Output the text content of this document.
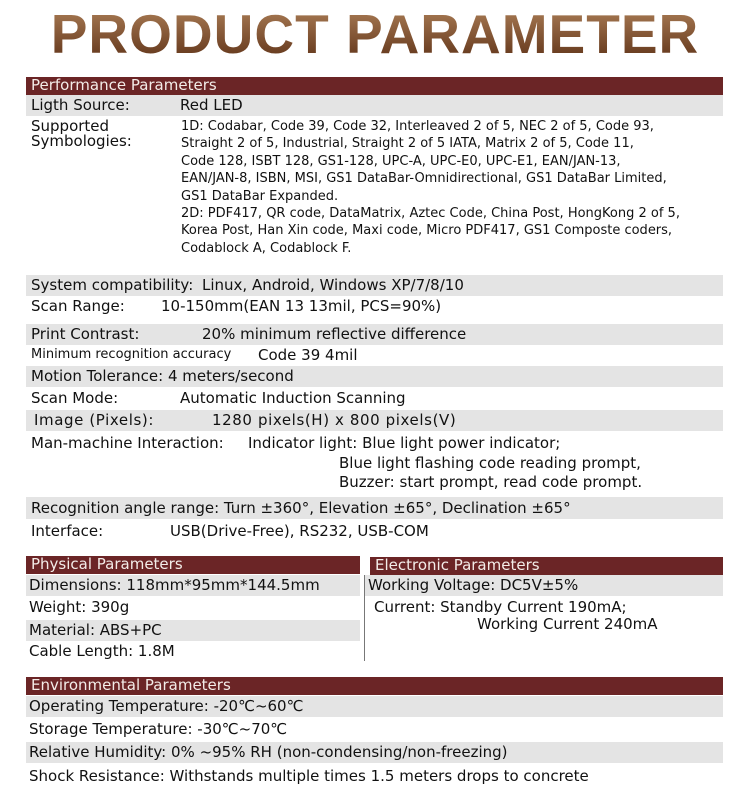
PRODUCT PARAMETER
Performance Parameters
Ligth Source:	Red LED
Supported
Symbologies:
1D: Codabar, Code 39, Code 32, Interleaved 2 of 5, NEC 2 of 5, Code 93,
Straight 2 of 5, Industrial, Straight 2 of 5 IATA, Matrix 2 of 5, Code 11,
Code 128, ISBT 128, GS1-128, UPC-A, UPC-E0, UPC-E1, EAN/JAN-13,
EAN/JAN-8, ISBN, MSI, GS1 DataBar-Omnidirectional, GS1 DataBar Limited,
GS1 DataBar Expanded.
2D: PDF417, QR code, DataMatrix, Aztec Code, China Post, HongKong 2 of 5,
Korea Post, Han Xin code, Maxi code, Micro PDF417, GS1 Composte coders,
Codablock A, Codablock F.
System compatibility: Linux, Android, Windows XP/7/8/10
Scan Range: 10-150mm(EAN 13 13mil, PCS=90%)
Print Contrast:	20% minimum reflective difference
Minimum recognition accuracy Code 39 4mil
Motion Tolerance: 4 meters/second
Scan Mode:	Automatic Induction Scanning
Image (Pixels):	1280 pixels(H) x 800 pixels(V)
Man-machine Interaction: Indicator light: Blue light power indicator;
Blue light flashing code reading prompt,
Buzzer: start prompt, read code prompt.
Recognition angle range: Turn ±360°, Elevation ±65°, Declination ±65°
Interface:	USB(Drive-Free), RS232, USB-COM
Physical Parameters	Electronic Parameters
Dimensions: 118mm*95mm*144.5mm
Weight: 390g
Material: ABS+PC
Cable Length: 1.8M
Working Voltage: DC5V±5%
Current: Standby Current 190mA;
Working Current 240mA
Environmental Parameters
Operating Temperature: -20℃~60℃
Storage Temperature: -30℃~70℃
Relative Humidity: 0% ~95% RH (non-condensing/non-freezing)
Shock Resistance: Withstands multiple times 1.5 meters drops to concrete
